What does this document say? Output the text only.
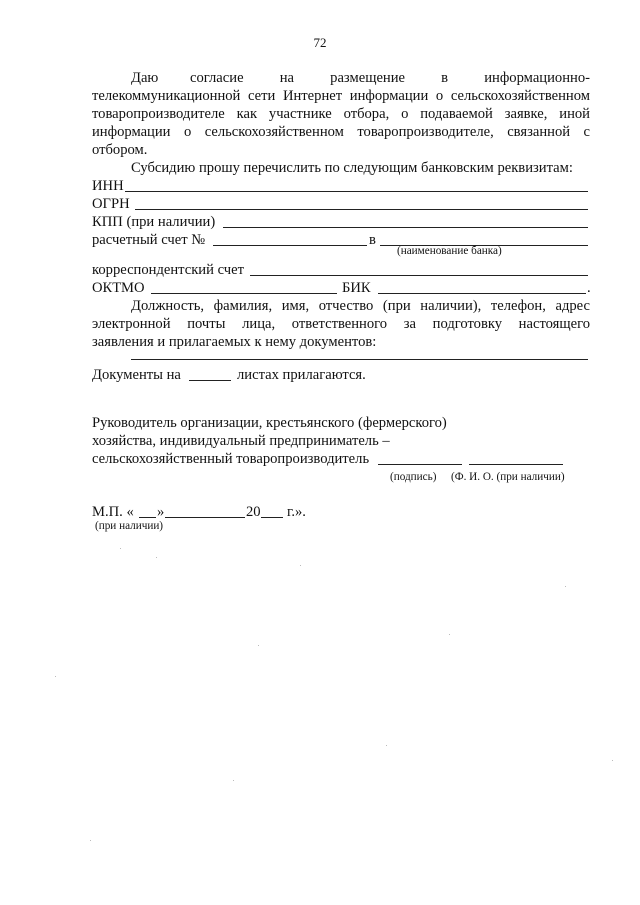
72
Даю согласие на размещение в информационно-
телекоммуникационной сети Интернет информации о сельскохозяйственном
товаропроизводителе как участнике отбора, о подаваемой заявке, иной
информации о сельскохозяйственном товаропроизводителе, связанной с
отбором.
Субсидию прошу перечислить по следующим банковским реквизитам:
ИНН
ОГРН
КПП (при наличии)
расчетный счет №	в
(наименование банка)
корреспондентский счет
ОКТМО	БИК	.
Должность, фамилия, имя, отчество (при наличии), телефон, адрес
электронной почты лица, ответственного за подготовку настоящего
заявления и прилагаемых к нему документов:
Документы на	листах прилагаются.
Руководитель организации, крестьянского (фермерского)
хозяйства, индивидуальный предприниматель –
сельскохозяйственный товаропроизводитель
(подпись) (Ф. И. О. (при наличии)
М.П. « »	20 г.».
(при наличии)
